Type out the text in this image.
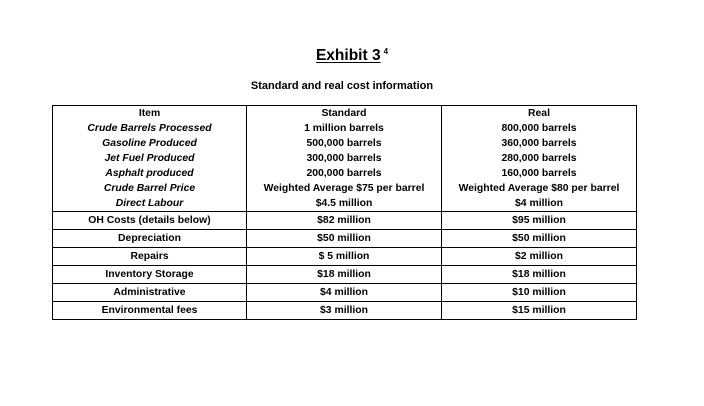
Exhibit 3 $^4$
Standard and real cost information
Item	Standard	Real
Crude Barrels Processed	1 million barrels	800,000 barrels
Gasoline Produced	500,000 barrels	360,000 barrels
Jet Fuel Produced	300,000 barrels	280,000 barrels
Asphalt produced	200,000 barrels	160,000 barrels
Crude Barrel Price	Weighted Average $75 per barrel	Weighted Average $80 per barrel
Direct Labour	$4.5 million	$4 million
OH Costs (details below)	$82 million	$95 million
Depreciation	$50 million	$50 million
Repairs	$ 5 million	$2 million
Inventory Storage	$18 million	$18 million
Administrative	$4 million	$10 million
Environmental fees	$3 million	$15 million
